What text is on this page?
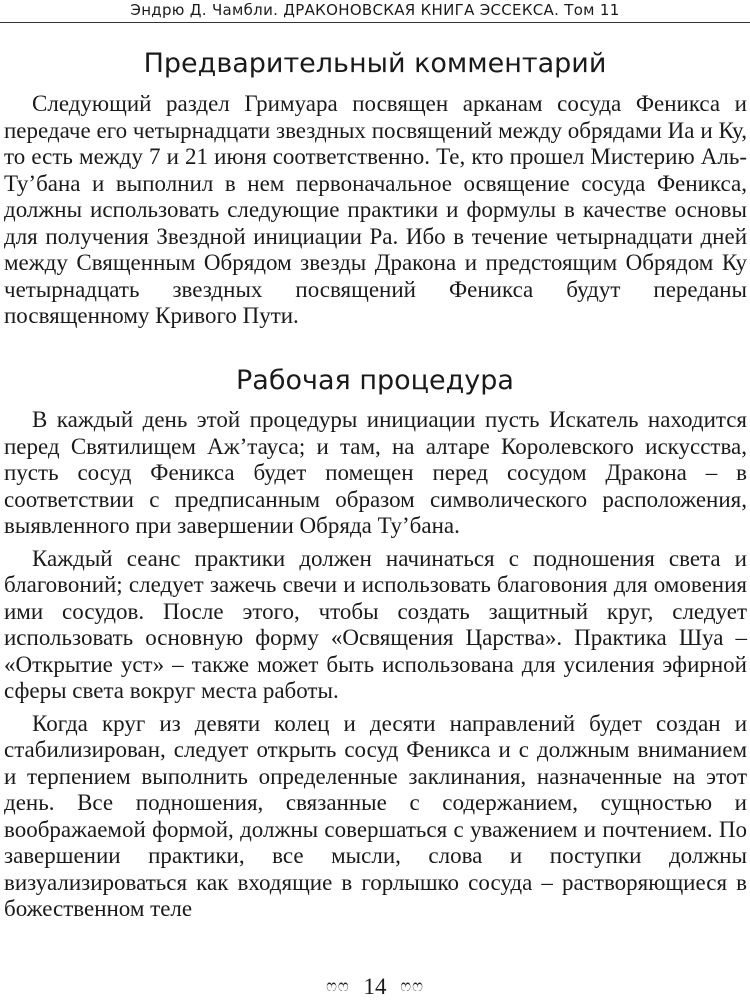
Эндрю Д. Чамбли. ДРАКОНОВСКАЯ КНИГА ЭССЕКСА. Том 11
Предварительный комментарий

Следующий раздел Гримуара посвящен арканам сосуда Феникса и передаче его четырнадцати звездных посвящений между обрядами Иа и Ку, то есть между 7 и 21 июня соответственно. Те, кто прошел Мистерию Аль-Ту’бана и выполнил в нем первоначальное освящение сосуда Феникса, должны использовать следующие практики и формулы в качестве основы для получения Звездной инициации Ра. Ибо в течение четырнадцати дней между Священным Обрядом звезды Дракона и предстоящим Обрядом Ку четырнадцать звездных посвящений Феникса будут переданы посвященному Кривого Пути.

Рабочая процедура

В каждый день этой процедуры инициации пусть Искатель находится перед Святилищем Аж’тауса; и там, на алтаре Королевского искусства, пусть сосуд Феникса будет помещен перед сосудом Дракона – в соответствии с предписанным образом символического расположения, выявленного при завершении Обряда Ту’бана.

Каждый сеанс практики должен начинаться с подношения света и благовоний; следует зажечь свечи и использовать благовония для омовения ими сосудов. После этого, чтобы создать защитный круг, следует использовать основную форму «Освящения Царства». Практика Шуа – «Открытие уст» – также может быть использована для усиления эфирной сферы света вокруг места работы.

Когда круг из девяти колец и десяти направлений будет создан и стабилизирован, следует открыть сосуд Феникса и с должным вниманием и терпением выполнить определенные заклинания, назначенные на этот день. Все подношения, связанные с содержанием, сущностью и воображаемой формой, должны совершаться с уважением и почтением. По завершении практики, все мысли, слова и поступки должны визуализироваться как входящие в горлышко сосуда – растворяющиеся в божественном теле

ෆෆ 14 ෆෆ
